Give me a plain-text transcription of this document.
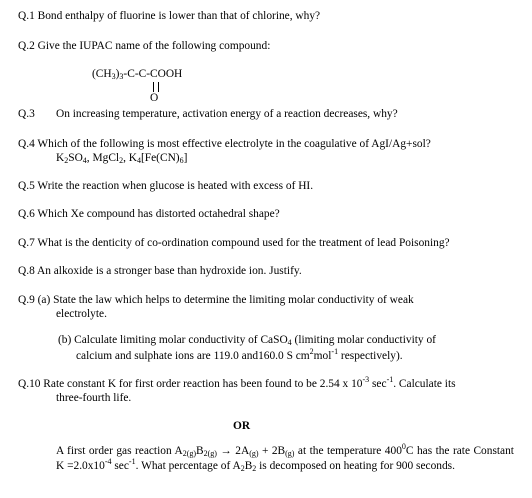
Q.1 Bond enthalpy of fluorine is lower than that of chlorine, why?
Q.2 Give the IUPAC name of the following compound:
$(CH_3)_3-C-C$-COOH
O
Q.3 On increasing temperature, activation energy of a reaction decreases, why?
Q.4 Which of the following is most effective electrolyte in the coagulative of AgI/Ag+sol?
$K_2SO_4$, MgCl$_2$, $K_4[Fe(CN)_6]$
Q.5 Write the reaction when glucose is heated with excess of HI.
Q.6 Which Xe compound has distorted octahedral shape?
Q.7 What is the denticity of co-ordination compound used for the treatment of lead Poisoning?
Q.8 An alkoxide is a stronger base than hydroxide ion. Justify.
Q.9 (a) State the law which helps to determine the limiting molar conductivity of weak
electrolyte.
(b) Calculate limiting molar conductivity of CaSO$_4$ (limiting molar conductivity of
calcium and sulphate ions are 119.0 and160.0 S $cm^2mol^{-1}$ respectively).
Q.10 Rate constant K for first order reaction has been found to be 2.54 x $10^{-3}$ $\sec^{-1}$. Calculate its
three-fourth life.
OR
A first order gas reaction $A_{2(g)}B_{2(g)} \to 2A_{(g)} + 2B_{(g)}$ at the temperature $400^0C$ has the rate Constant $K =2.0x10^{-4}$ $\sec^{-1}$. What percentage of $A_2B_2$ is decomposed on heating for 900 seconds.
